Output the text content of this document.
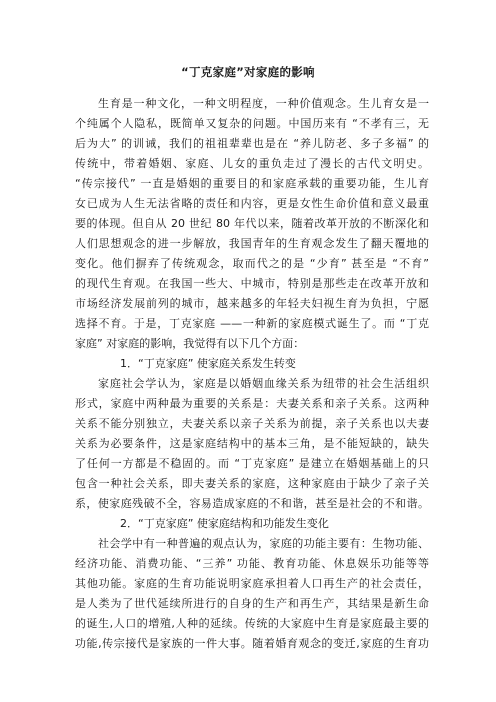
“丁克家庭”对家庭的影响
生育是一种文化，一种文明程度，一种价值观念。生儿育女是一
个纯属个人隐私，既简单又复杂的问题。中国历来有 “不孝有三，无
后为大” 的训诫，我们的祖祖辈辈也是在 “养儿防老、多子多福” 的
传统中，带着婚姻、家庭、儿女的重负走过了漫长的古代文明史。
“传宗接代” 一直是婚姻的重要目的和家庭承载的重要功能，生儿育
女已成为人生无法省略的责任和内容，更是女性生命价值和意义最重
要的体现。但自从 20 世纪 80 年代以来，随着改革开放的不断深化和
人们思想观念的进一步解放，我国青年的生育观念发生了翻天覆地的
变化。他们摒弃了传统观念，取而代之的是 “少育” 甚至是 “不育”
的现代生育观。在我国一些大、中城市，特别是那些走在改革开放和
市场经济发展前列的城市，越来越多的年轻夫妇视生育为负担，宁愿
选择不育。于是，丁克家庭 ——一种新的家庭模式诞生了。而 “丁克
家庭” 对家庭的影响，我觉得有以下几个方面：
1．“丁克家庭” 使家庭关系发生转变
家庭社会学认为，家庭是以婚姻血缘关系为纽带的社会生活组织
形式，家庭中两种最为重要的关系是：夫妻关系和亲子关系。这两种
关系不能分别独立，夫妻关系以亲子关系为前提，亲子关系也以夫妻
关系为必要条件，这是家庭结构中的基本三角，是不能短缺的，缺失
了任何一方都是不稳固的。而 “丁克家庭” 是建立在婚姻基础上的只
包含一种社会关系，即夫妻关系的家庭，这种家庭由于缺少了亲子关
系，使家庭残破不全，容易造成家庭的不和谐，甚至是社会的不和谐。
2．“丁克家庭” 使家庭结构和功能发生变化
社会学中有一种普遍的观点认为，家庭的功能主要有：生物功能、
经济功能、消费功能、“三养” 功能、教育功能、休息娱乐功能等等
其他功能。家庭的生育功能说明家庭承担着人口再生产的社会责任，
是人类为了世代延续所进行的自身的生产和再生产，其结果是新生命
的诞生,人口的增殖,人种的延续。传统的大家庭中生育是家庭最主要的
功能,传宗接代是家族的一件大事。随着婚育观念的变迁,家庭的生育功
